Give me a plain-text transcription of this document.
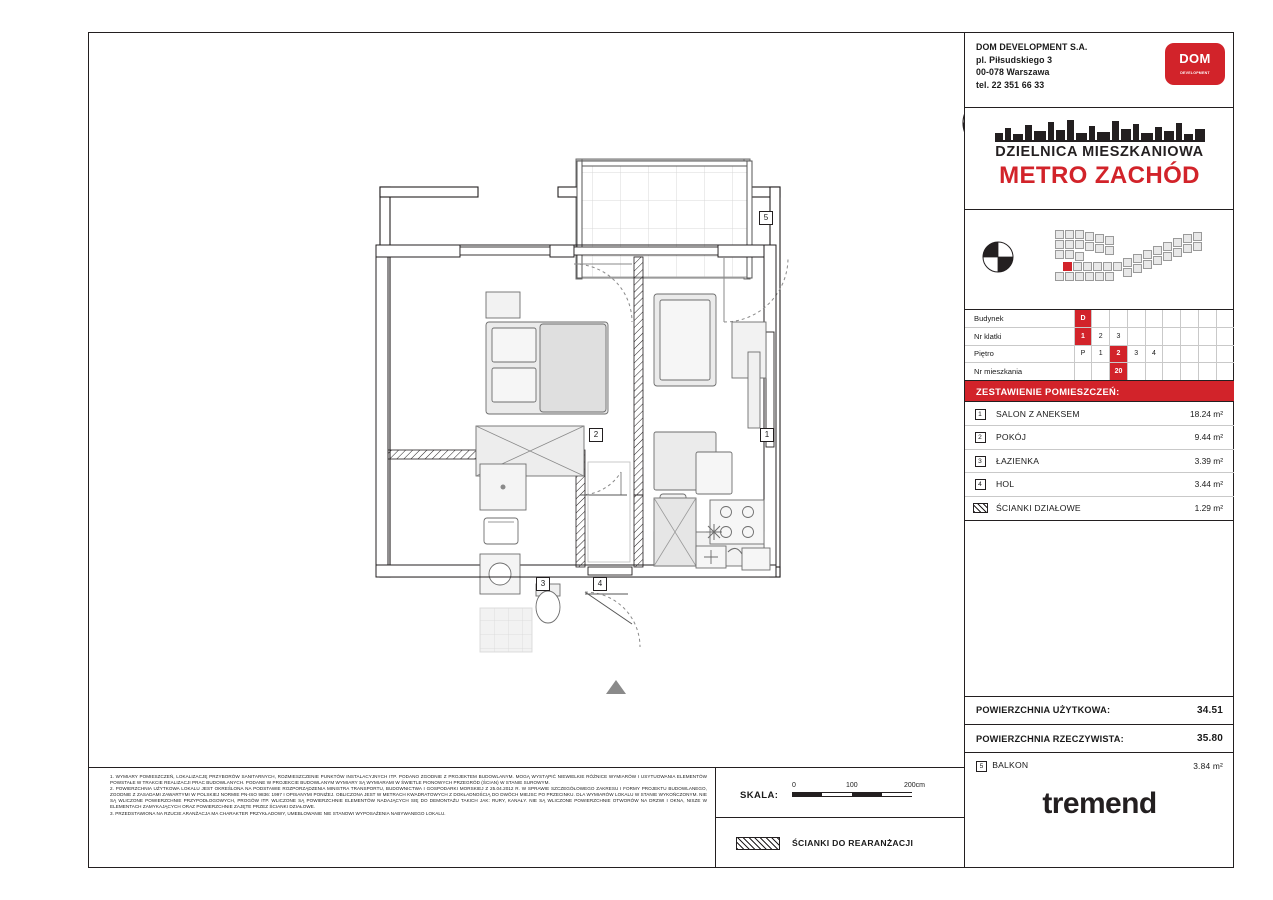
1
2
3	4
5

1. WYMIARY POMIESZCZEŃ, LOKALIZACJĘ PRZYBORÓW SANITARNYCH, ROZMIESZCZENIE PUNKTÓW INSTALACYJNYCH ITP. PODANO ZGODNIE Z PROJEKTEM BUDOWLANYM. MOGĄ WYSTĄPIĆ NIEWIELKIE RÓŻNICE WYMIARÓW I USYTUOWANIA ELEMENTÓW POWSTAŁE W TRAKCIE REALIZACJI PRAC BUDOWLANYCH. PODANE W PROJEKCIE BUDOWLANYM WYMIARY SĄ WYMIARAMI W ŚWIETLE PIONOWYCH PRZEGRÓD (ŚCIAN) W STANIE SUROWYM.

2. POWIERZCHNIA UŻYTKOWA LOKALU JEST OKREŚLONA NA PODSTAWIE ROZPORZĄDZENIA MINISTRA TRANSPORTU, BUDOWNICTWA I GOSPODARKI MORSKIEJ Z 25.04.2012 R. W SPRAWIE SZCZEGÓŁOWEGO ZAKRESU I FORMY PROJEKTU BUDOWLANEGO, ZGODNIE Z ZASADAMI ZAWARTYMI W POLSKIEJ NORMIE PN-ISO 9836: 1997 I OPISANYMI PONIŻEJ. OBLICZONA JEST W METRACH KWADRATOWYCH Z DOKŁADNOŚCIĄ DO DWÓCH MIEJSC PO PRZECINKU. DLA WYMIARÓW LOKALU W STANIE WYKOŃCZONYM. NIE SĄ WLICZONE POWIERZCHNIE PRZYPODŁOGOWYCH, PROGÓW ITP. WLICZONE SĄ POWIERZCHNIE ELEMENTÓW NADAJĄCYCH SIĘ DO DEMONTAŻU TAKICH JAK: RURY, KANAŁY. NIE SĄ WLICZONE POWIERZCHNIE OTWORÓW NA DRZWI I OKNA, NISZE W ELEMENTACH ZAMYKAJĄCYCH ORAZ POWIERZCHNIE ZAJĘTE PRZEZ ŚCIANKI DZIAŁOWE.

3. PRZEDSTAWIONA NA RZUCIE ARANŻACJA MA CHARAKTER PRZYKŁADOWY, UMEBLOWANIE NIE STANOWI WYPOSAŻENIA NABYWANEGO LOKALU.

SKALA:
0	100	200cm
ŚCIANKI DO REARANŻACJI
DOM DEVELOPMENT S.A.
pl. Piłsudskiego 3
00-078 Warszawa
tel. 22 351 66 33
DOM
DEVELOPMENT
DZIELNICA MIESZKANIOWA
METRO ZACHÓD
Budynek	D								
Nr klatki	1	2	3						
Piętro	P	1	2	3	4				
Nr mieszkania			20						
ZESTAWIENIE POMIESZCZEŃ:
1	SALON Z ANEKSEM	18.24 m²
2	POKÓJ	9.44 m²
3	ŁAZIENKA	3.39 m²
4	HOL	3.44 m²
	ŚCIANKI DZIAŁOWE	1.29 m²
POWIERZCHNIA UŻYTKOWA:	34.51
POWIERZCHNIA RZECZYWISTA:	35.80
5 BALKON	3.84 m²
tremend
